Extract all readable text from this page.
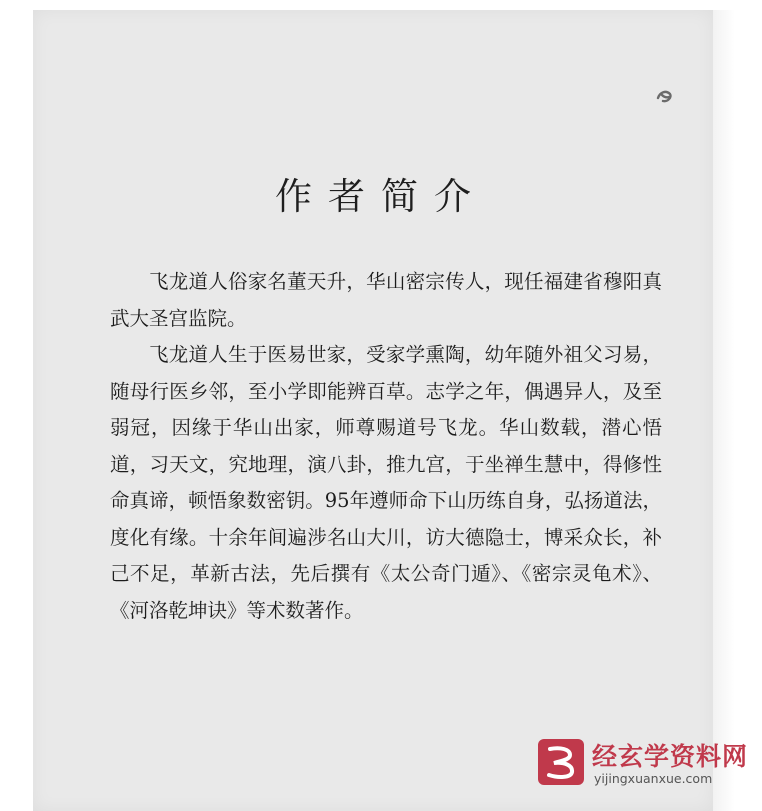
作者简介

飞龙道人俗家名董天升，华山密宗传人，现任福建省穆阳真武大圣宫监院。

飞龙道人生于医易世家，受家学熏陶，幼年随外祖父习易，随母行医乡邻，至小学即能辨百草。志学之年，偶遇异人，及至弱冠，因缘于华山出家，师尊赐道号飞龙。华山数载，潜心悟道，习天文，究地理，演八卦，推九宫，于坐禅生慧中，得修性命真谛，顿悟象数密钥。95年遵师命下山历练自身，弘扬道法，度化有缘。十余年间遍涉名山大川，访大德隐士，博采众长，补己不足，革新古法，先后撰有《太公奇门遁》、《密宗灵龟术》、《河洛乾坤诀》等术数著作。

经玄学资料网
yijingxuanxue.com
